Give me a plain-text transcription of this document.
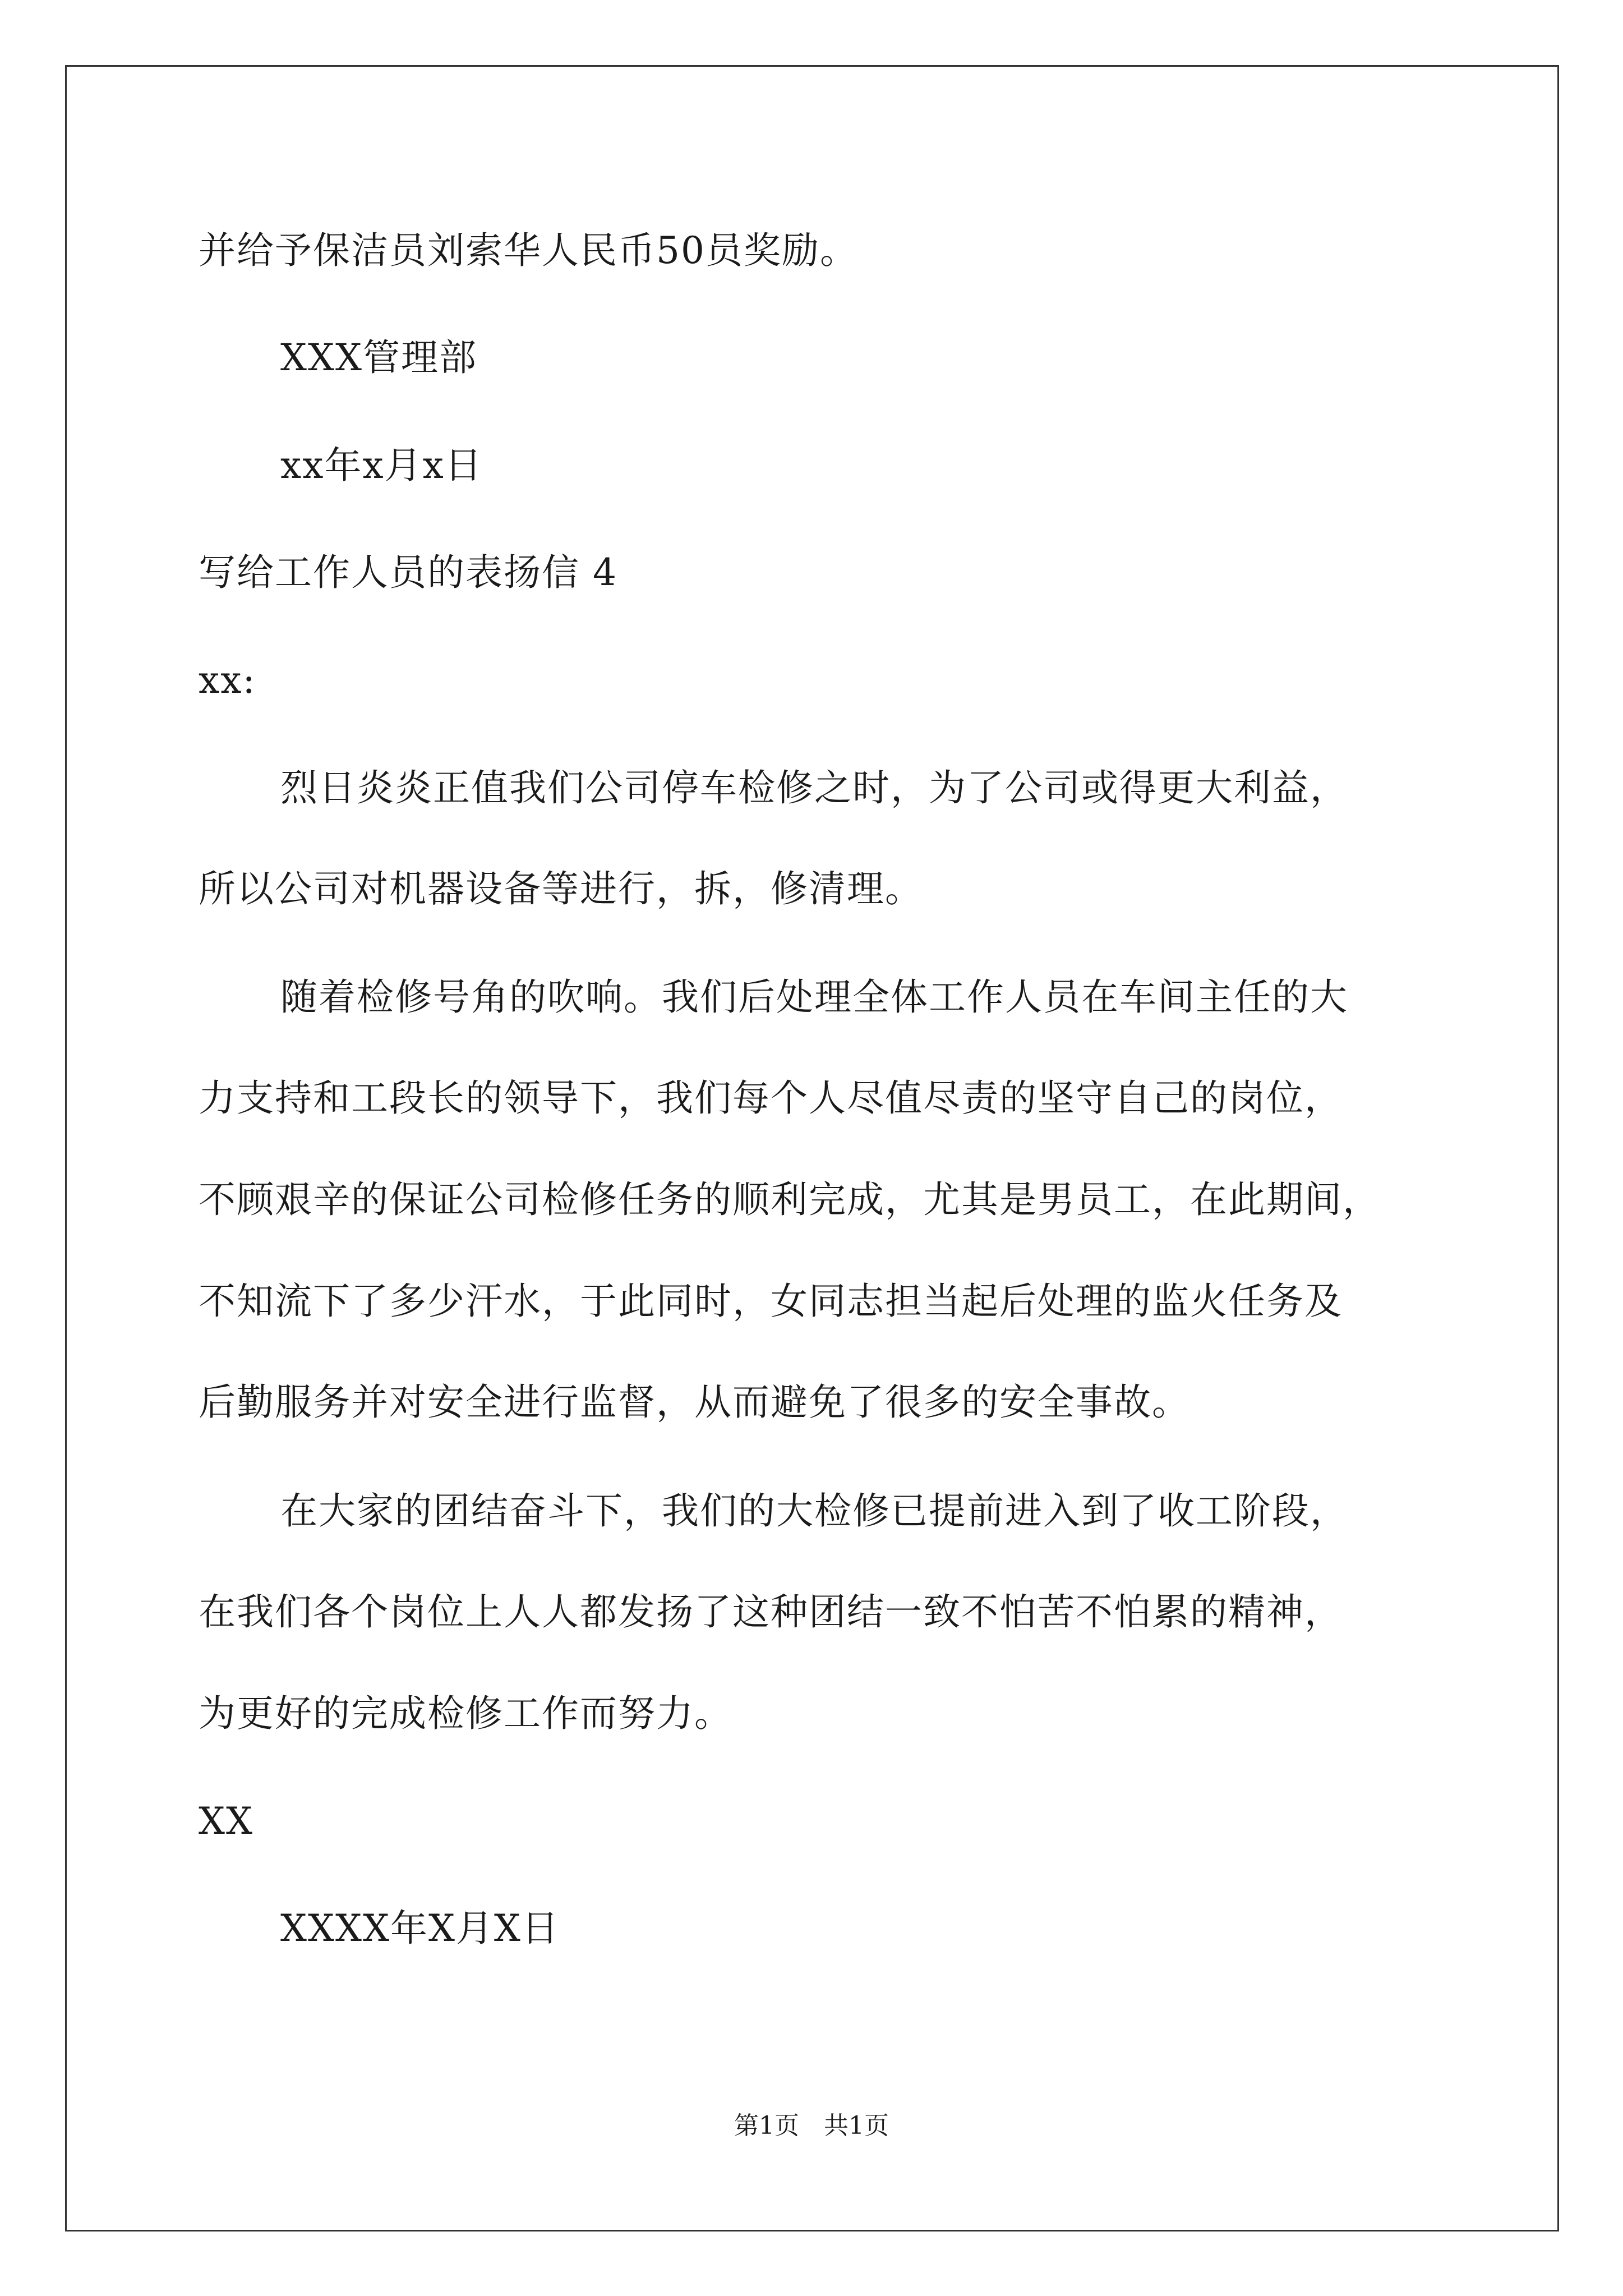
并给予保洁员刘索华人民币50员奖励。
XXX管理部
xx年x月x日
写给工作人员的表扬信 4
xx:
烈日炎炎正值我们公司停车检修之时，为了公司或得更大利益，
所以公司对机器设备等进行，拆，修清理。
随着检修号角的吹响。我们后处理全体工作人员在车间主任的大
力支持和工段长的领导下，我们每个人尽值尽责的坚守自己的岗位，
不顾艰辛的保证公司检修任务的顺利完成，尤其是男员工，在此期间，
不知流下了多少汗水，于此同时，女同志担当起后处理的监火任务及
后勤服务并对安全进行监督，从而避免了很多的安全事故。
在大家的团结奋斗下，我们的大检修已提前进入到了收工阶段，
在我们各个岗位上人人都发扬了这种团结一致不怕苦不怕累的精神，
为更好的完成检修工作而努力。
XX
XXXX年X月X日
第1页　共1页
